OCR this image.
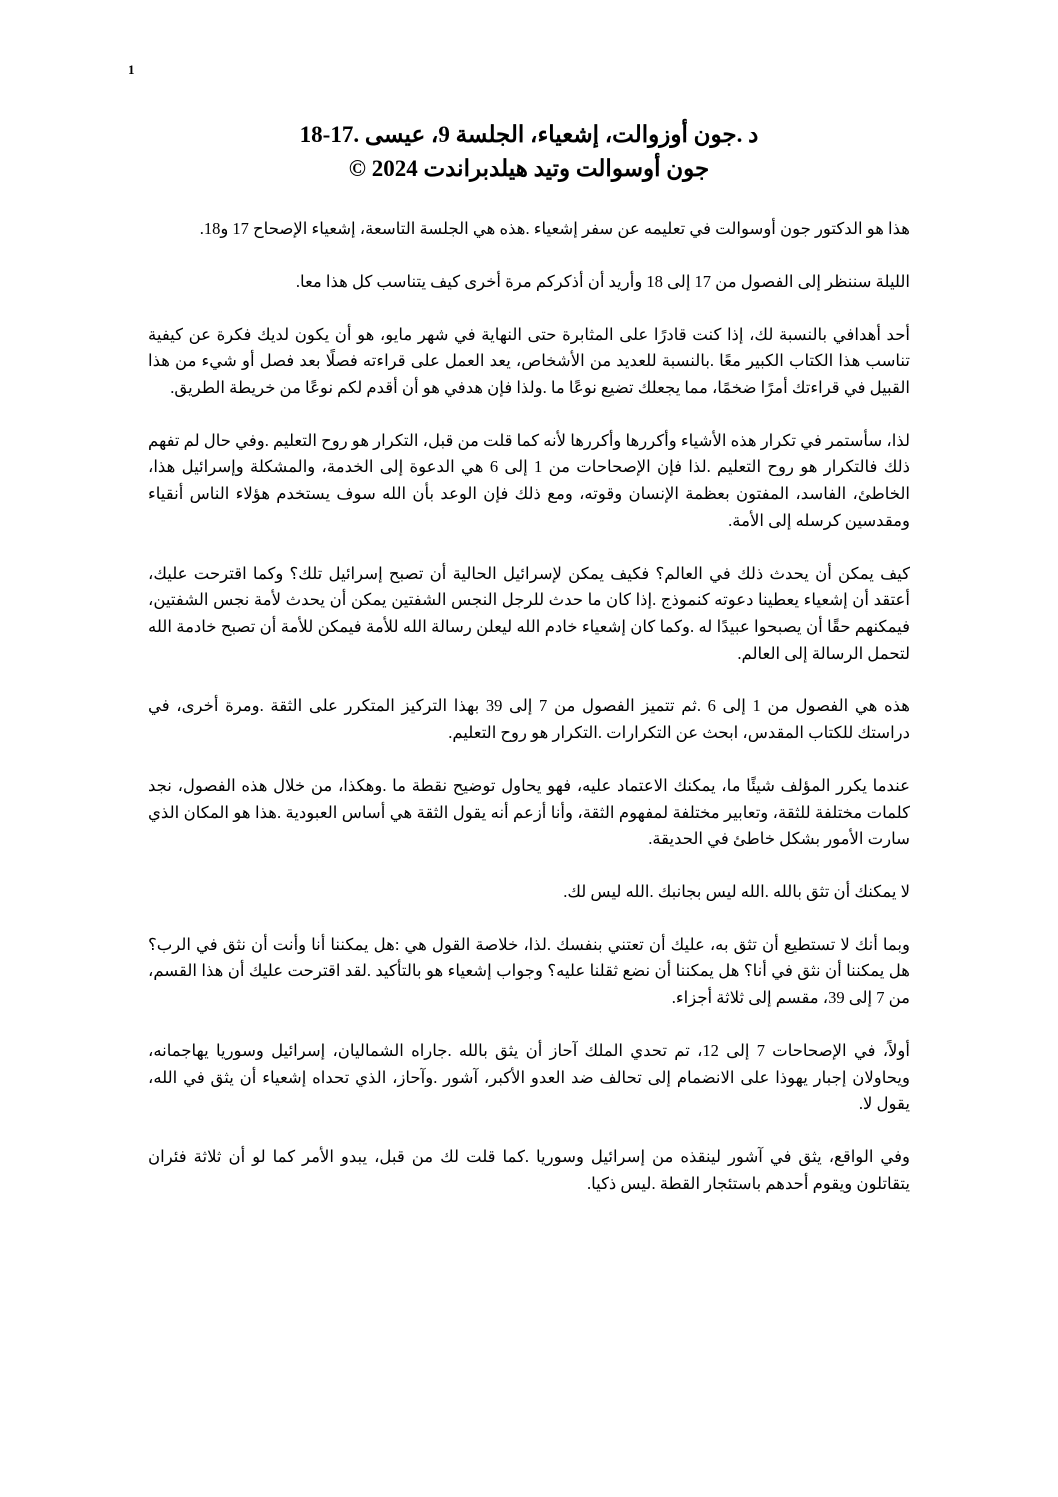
1
د .جون أوزوالت، إشعياء، الجلسة 9، عيسى .17-18
جون أوسوالت وتيد هيلدبراندت 2024 ©

هذا هو الدكتور جون أوسوالت في تعليمه عن سفر إشعياء .هذه هي الجلسة التاسعة، إشعياء الإصحاح 17 و18.

الليلة سننظر إلى الفصول من 17 إلى 18 وأريد أن أذكركم مرة أخرى كيف يتناسب كل هذا معا.

أحد أهدافي بالنسبة لك، إذا كنت قادرًا على المثابرة حتى النهاية في شهر مايو، هو أن يكون لديك فكرة عن كيفية تناسب هذا الكتاب الكبير معًا .بالنسبة للعديد من الأشخاص، يعد العمل على قراءته فصلًا بعد فصل أو شيء من هذا القبيل في قراءتك أمرًا ضخمًا، مما يجعلك تضيع نوعًا ما .ولذا فإن هدفي هو أن أقدم لكم نوعًا من خريطة الطريق.

لذا، سأستمر في تكرار هذه الأشياء وأكررها وأكررها لأنه كما قلت من قبل، التكرار هو روح التعليم .وفي حال لم تفهم ذلك فالتكرار هو روح التعليم .لذا فإن الإصحاحات من 1 إلى 6 هي الدعوة إلى الخدمة، والمشكلة وإسرائيل هذا، الخاطئ، الفاسد، المفتون بعظمة الإنسان وقوته، ومع ذلك فإن الوعد بأن الله سوف يستخدم هؤلاء الناس أنقياء ومقدسين كرسله إلى الأمة.

كيف يمكن أن يحدث ذلك في العالم؟ فكيف يمكن لإسرائيل الحالية أن تصبح إسرائيل تلك؟ وكما اقترحت عليك، أعتقد أن إشعياء يعطينا دعوته كنموذج .إذا كان ما حدث للرجل النجس الشفتين يمكن أن يحدث لأمة نجس الشفتين، فيمكنهم حقًا أن يصبحوا عبيدًا له .وكما كان إشعياء خادم الله ليعلن رسالة الله للأمة فيمكن للأمة أن تصبح خادمة الله لتحمل الرسالة إلى العالم.

هذه هي الفصول من 1 إلى 6 .ثم تتميز الفصول من 7 إلى 39 بهذا التركيز المتكرر على الثقة .ومرة أخرى، في دراستك للكتاب المقدس، ابحث عن التكرارات .التكرار هو روح التعليم.

عندما يكرر المؤلف شيئًا ما، يمكنك الاعتماد عليه، فهو يحاول توضيح نقطة ما .وهكذا، من خلال هذه الفصول، نجد كلمات مختلفة للثقة، وتعابير مختلفة لمفهوم الثقة، وأنا أزعم أنه يقول الثقة هي أساس العبودية .هذا هو المكان الذي سارت الأمور بشكل خاطئ في الحديقة.

لا يمكنك أن تثق بالله .الله ليس بجانبك .الله ليس لك.

وبما أنك لا تستطيع أن تثق به، عليك أن تعتني بنفسك .لذا، خلاصة القول هي :هل يمكننا أنا وأنت أن نثق في الرب؟ هل يمكننا أن نثق في أنا؟ هل يمكننا أن نضع ثقلنا عليه؟ وجواب إشعياء هو بالتأكيد .لقد اقترحت عليك أن هذا القسم، من 7 إلى 39، مقسم إلى ثلاثة أجزاء.

أولاً، في الإصحاحات 7 إلى 12، تم تحدي الملك آحاز أن يثق بالله .جاراه الشماليان، إسرائيل وسوريا يهاجمانه، ويحاولان إجبار يهوذا على الانضمام إلى تحالف ضد العدو الأكبر، آشور .وآحاز، الذي تحداه إشعياء أن يثق في الله، يقول لا.

وفي الواقع، يثق في آشور لينقذه من إسرائيل وسوريا .كما قلت لك من قبل، يبدو الأمر كما لو أن ثلاثة فئران يتقاتلون ويقوم أحدهم باستئجار القطة .ليس ذكيا.
